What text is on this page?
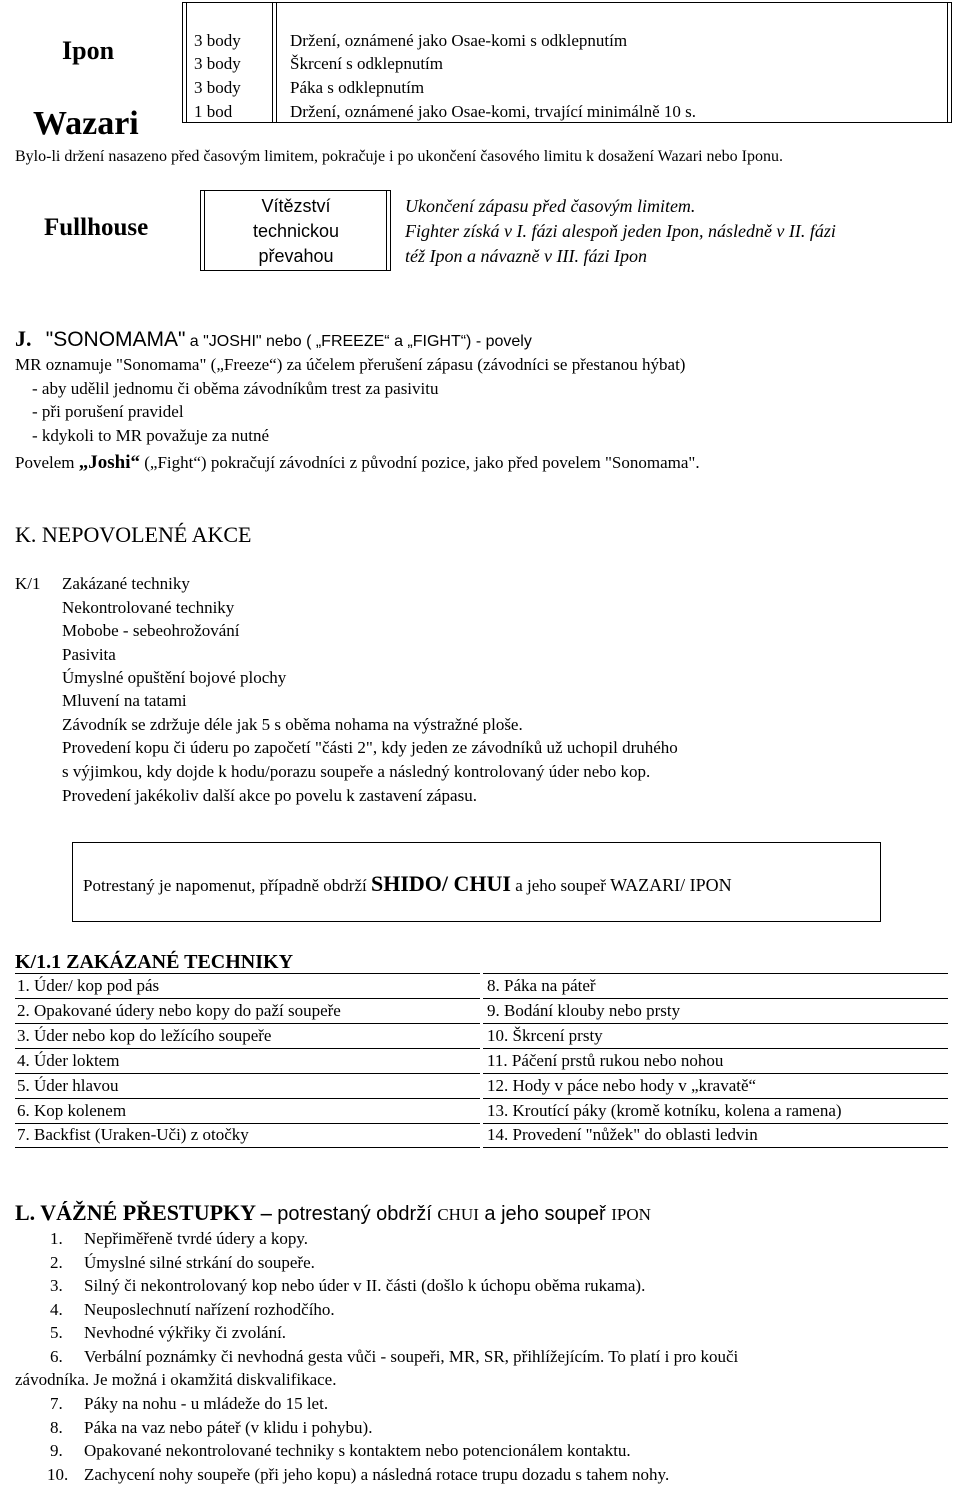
Ipon
Wazari
3 body	Držení, oznámené jako Osae-komi s odklepnutím
3 body	Škrcení s odklepnutím
3 body	Páka s odklepnutím
1 bod	Držení, oznámené jako Osae-komi, trvající minimálně 10 s.
Bylo-li držení nasazeno před časovým limitem, pokračuje i po ukončení časového limitu k dosažení Wazari nebo Iponu.
Fullhouse
Vítězství
technickou
převahou
Ukončení zápasu před časovým limitem.
Fighter získá v I. fázi alespoň jeden Ipon, následně v II. fázi
též Ipon a návazně v III. fázi Ipon
J. "SONOMAMA" a "JOSHI" nebo ( „FREEZE“ a „FIGHT“) - povely
MR oznamuje "Sonomama" („Freeze“) za účelem přerušení zápasu (závodníci se přestanou hýbat)
- aby udělil jednomu či oběma závodníkům trest za pasivitu
- při porušení pravidel
- kdykoli to MR považuje za nutné
Povelem „Joshi“ („Fight“) pokračují závodníci z původní pozice, jako před povelem "Sonomama".
K. NEPOVOLENÉ AKCE
K/1 Zakázané techniky
Nekontrolované techniky
Mobobe - sebeohrožování
Pasivita
Úmyslné opuštění bojové plochy
Mluvení na tatami
Závodník se zdržuje déle jak 5 s oběma nohama na výstražné ploše.
Provedení kopu či úderu po započetí "části 2", kdy jeden ze závodníků už uchopil druhého
s výjimkou, kdy dojde k hodu/porazu soupeře a následný kontrolovaný úder nebo kop.
Provedení jakékoliv další akce po povelu k zastavení zápasu.
Potrestaný je napomenut, případně obdrží SHIDO/ CHUI a jeho soupeř WAZARI/ IPON
K/1.1 ZAKÁZANÉ TECHNIKY
1. Úder/ kop pod pás
2. Opakované údery nebo kopy do paží soupeře
3. Úder nebo kop do ležícího soupeře
4. Úder loktem
5. Úder hlavou
6. Kop kolenem
7. Backfist (Uraken-Uči) z otočky
8. Páka na páteř
9. Bodání klouby nebo prsty
10. Škrcení prsty
11. Páčení prstů rukou nebo nohou
12. Hody v páce nebo hody v „kravatě“
13. Kroutící páky (kromě kotníku, kolena a ramena)
14. Provedení "nůžek" do oblasti ledvin
L. VÁŽNÉ PŘESTUPKY – potrestaný obdrží CHUI a jeho soupeř IPON
1. Nepřiměřeně tvrdé údery a kopy.
2. Úmyslné silné strkání do soupeře.
3. Silný či nekontrolovaný kop nebo úder v II. části (došlo k úchopu oběma rukama).
4. Neuposlechnutí nařízení rozhodčího.
5. Nevhodné výkřiky či zvolání.
6. Verbální poznámky či nevhodná gesta vůči - soupeři, MR, SR, přihlížejícím. To platí i pro kouči
závodníka. Je možná i okamžitá diskvalifikace.
7. Páky na nohu - u mládeže do 15 let.
8. Páka na vaz nebo páteř (v klidu i pohybu).
9. Opakované nekontrolované techniky s kontaktem nebo potencionálem kontaktu.
10. Zachycení nohy soupeře (při jeho kopu) a následná rotace trupu dozadu s tahem nohy.
